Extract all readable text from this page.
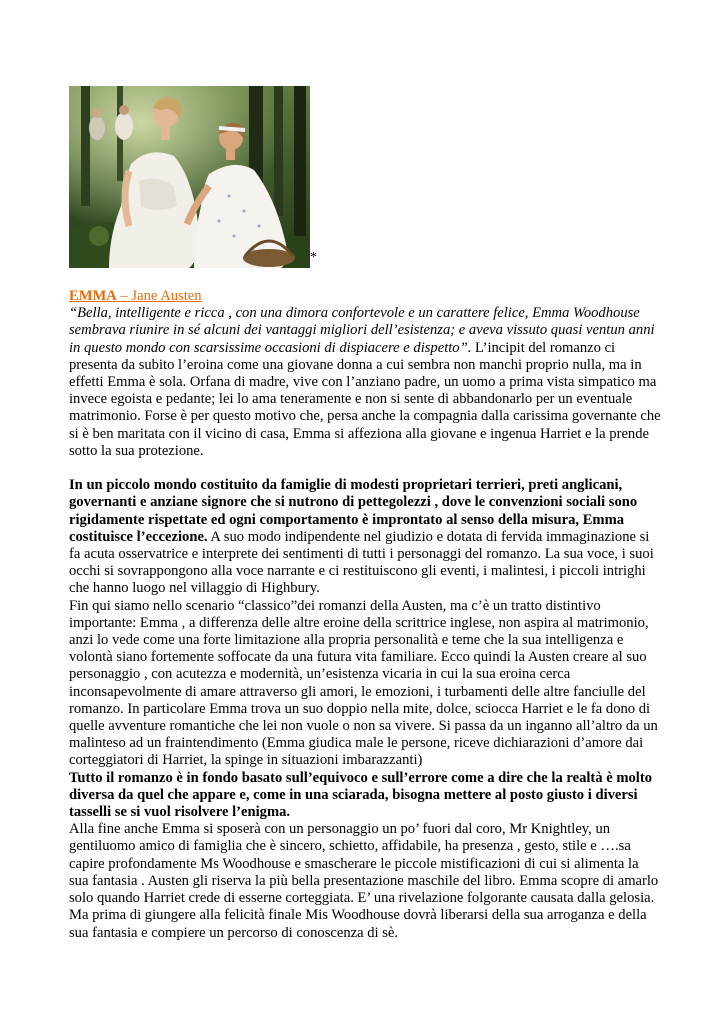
*

EMMA – Jane Austen

“Bella, intelligente e ricca , con una dimora confortevole e un carattere felice, Emma Woodhouse sembrava riunire in sé alcuni dei vantaggi migliori dell’esistenza; e aveva vissuto quasi ventun anni in questo mondo con scarsissime occasioni di dispiacere e dispetto”. L’incipit del romanzo ci presenta da subito l’eroina come una giovane donna a cui sembra non manchi proprio nulla, ma in effetti Emma è sola. Orfana di madre, vive con l’anziano padre, un uomo a prima vista simpatico ma invece egoista e pedante; lei lo ama teneramente e non si sente di abbandonarlo per un eventuale matrimonio. Forse è per questo motivo che, persa anche la compagnia dalla carissima governante che si è ben maritata con il vicino di casa, Emma si affeziona alla giovane e ingenua Harriet e la prende sotto la sua protezione.

In un piccolo mondo costituito da famiglie di modesti proprietari terrieri, preti anglicani, governanti e anziane signore che si nutrono di pettegolezzi , dove le convenzioni sociali sono rigidamente rispettate ed ogni comportamento è improntato al senso della misura, Emma costituisce l’eccezione. A suo modo indipendente nel giudizio e dotata di fervida immaginazione si fa acuta osservatrice e interprete dei sentimenti di tutti i personaggi del romanzo. La sua voce, i suoi occhi si sovrappongono alla voce narrante e ci restituiscono gli eventi, i malintesi, i piccoli intrighi che hanno luogo nel villaggio di Highbury.

Fin qui siamo nello scenario “classico”dei romanzi della Austen, ma c’è un tratto distintivo importante: Emma , a differenza delle altre eroine della scrittrice inglese, non aspira al matrimonio, anzi lo vede come una forte limitazione alla propria personalità e teme che la sua intelligenza e volontà siano fortemente soffocate da una futura vita familiare. Ecco quindi la Austen creare al suo personaggio , con acutezza e modernità, un’esistenza vicaria in cui la sua eroina cerca inconsapevolmente di amare attraverso gli amori, le emozioni, i turbamenti delle altre fanciulle del romanzo. In particolare Emma trova un suo doppio nella mite, dolce, sciocca Harriet e le fa dono di quelle avventure romantiche che lei non vuole o non sa vivere. Si passa da un inganno all’altro da un malinteso ad un fraintendimento (Emma giudica male le persone, riceve dichiarazioni d’amore dai corteggiatori di Harriet, la spinge in situazioni imbarazzanti)

Tutto il romanzo è in fondo basato sull’equivoco e sull’errore come a dire che la realtà è molto diversa da quel che appare e, come in una sciarada, bisogna mettere al posto giusto i diversi tasselli se si vuol risolvere l’enigma.

Alla fine anche Emma si sposerà con un personaggio un po’ fuori dal coro, Mr Knightley, un gentiluomo amico di famiglia che è sincero, schietto, affidabile, ha presenza , gesto, stile e ….sa capire profondamente Ms Woodhouse e smascherare le piccole mistificazioni di cui si alimenta la sua fantasia . Austen gli riserva la più bella presentazione maschile del libro. Emma scopre di amarlo solo quando Harriet crede di esserne corteggiata. E’ una rivelazione folgorante causata dalla gelosia. Ma prima di giungere alla felicità finale Mis Woodhouse dovrà liberarsi della sua arroganza e della sua fantasia e compiere un percorso di conoscenza di sè.
